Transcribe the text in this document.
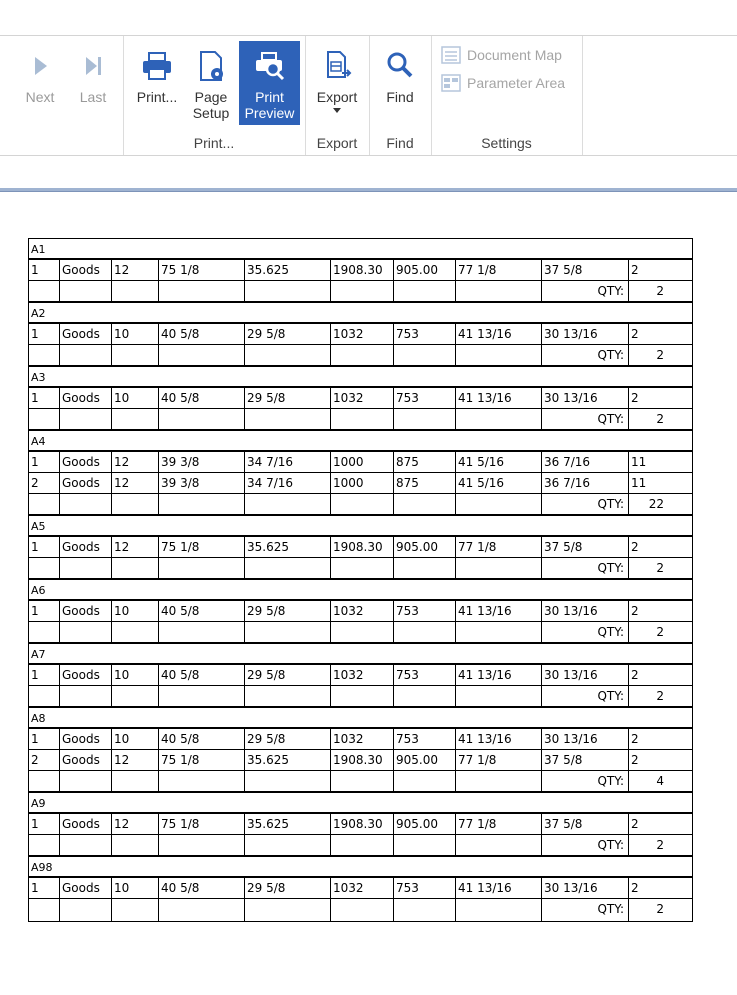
Next	Last	Print...	Page
Setup
Print
Preview
Print...
Export
Export
Find
Find
Document Map
Parameter Area
Settings
A1
1	Goods	12	75 1/8	35.625	1908.30	905.00	77 1/8	37 5/8	2
QTY:	2
A2
1	Goods	10	40 5/8	29 5/8	1032	753	41 13/16	30 13/16	2
QTY:	2
A3
1	Goods	10	40 5/8	29 5/8	1032	753	41 13/16	30 13/16	2
QTY:	2
A4
1	Goods	12	39 3/8	34 7/16	1000	875	41 5/16	36 7/16	11
2	Goods	12	39 3/8	34 7/16	1000	875	41 5/16	36 7/16	11
QTY:	22
A5
1	Goods	12	75 1/8	35.625	1908.30	905.00	77 1/8	37 5/8	2
QTY:	2
A6
1	Goods	10	40 5/8	29 5/8	1032	753	41 13/16	30 13/16	2
QTY:	2
A7
1	Goods	10	40 5/8	29 5/8	1032	753	41 13/16	30 13/16	2
QTY:	2
A8
1	Goods	10	40 5/8	29 5/8	1032	753	41 13/16	30 13/16	2
2	Goods	12	75 1/8	35.625	1908.30	905.00	77 1/8	37 5/8	2
QTY:	4
A9
1	Goods	12	75 1/8	35.625	1908.30	905.00	77 1/8	37 5/8	2
QTY:	2
A98
1	Goods	10	40 5/8	29 5/8	1032	753	41 13/16	30 13/16	2
QTY:	2
